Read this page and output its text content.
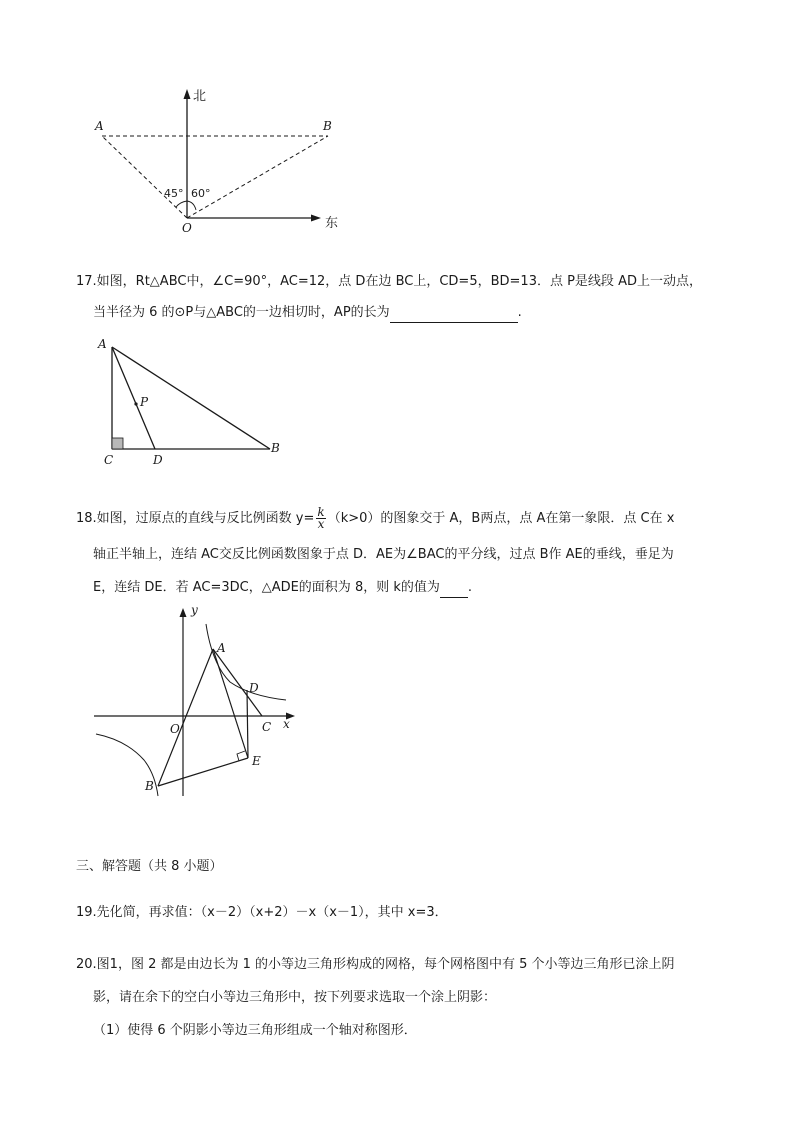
北
东
A	B
O
45° 60°
17.如图，Rt△ABC中，∠C=90°，AC=12，点 D在边 BC上，CD=5，BD=13．点 P是线段 AD上一动点，
当半径为 6 的⊙P与△ABC的一边相切时，AP的长为	.
A
P
C	D
B
18.如图，过原点的直线与反比例函数 $y= \frac{k}{x} (k>0)$的图象交于 A，B两点，点 A在第一象限．点 C在 x
轴正半轴上，连结 AC交反比例函数图象于点 D．AE为∠BAC的平分线，过点 B作 AE的垂线，垂足为
E，连结 DE．若 AC=3DC，△ADE的面积为 8，则 k的值为 .
y
x
A
D
O	C
E
B
三、解答题（共 8 小题）
19.先化简，再求值：（x－2）（x+2）－x（x－1），其中 x=3．
20.图1，图 2 都是由边长为 1 的小等边三角形构成的网格，每个网格图中有 5 个小等边三角形已涂上阴
影，请在余下的空白小等边三角形中，按下列要求选取一个涂上阴影：
（1）使得 6 个阴影小等边三角形组成一个轴对称图形．
